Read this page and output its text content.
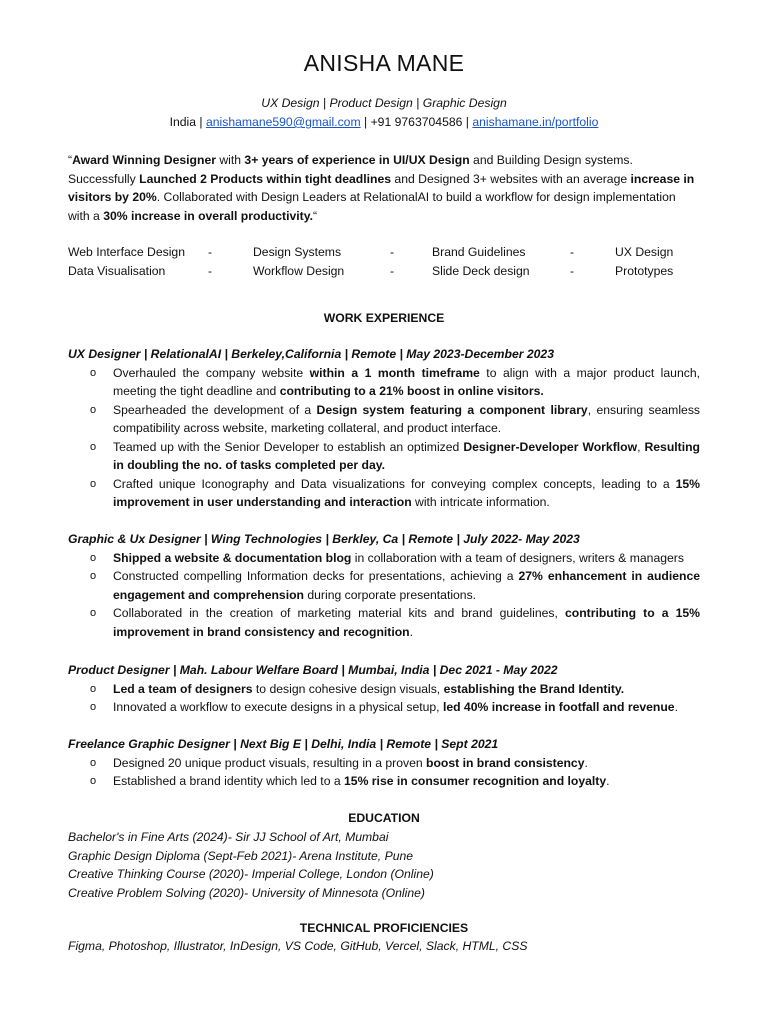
ANISHA MANE
UX Design | Product Design | Graphic Design
India | anishamane590@gmail.com | +91 9763704586 | anishamane.in/portfolio
“Award Winning Designer with 3+ years of experience in UI/UX Design and Building Design systems. Successfully Launched 2 Products within tight deadlines and Designed 3+ websites with an average increase in visitors by 20%. Collaborated with Design Leaders at RelationalAI to build a workflow for design implementation with a 30% increase in overall productivity.“
Web Interface Design -	Design Systems	-	Brand Guidelines	-	UX Design
Data Visualisation	-	Workflow Design	-	Slide Deck design	-	Prototypes
WORK EXPERIENCE
UX Designer | RelationalAI | Berkeley,California | Remote | May 2023-December 2023
o Overhauled the company website within a 1 month timeframe to align with a major product launch, meeting the tight deadline and contributing to a 21% boost in online visitors.
o Spearheaded the development of a Design system featuring a component library, ensuring seamless compatibility across website, marketing collateral, and product interface.
o Teamed up with the Senior Developer to establish an optimized Designer-Developer Workflow, Resulting in doubling the no. of tasks completed per day.
o Crafted unique Iconography and Data visualizations for conveying complex concepts, leading to a 15% improvement in user understanding and interaction with intricate information.
Graphic & Ux Designer | Wing Technologies | Berkley, Ca | Remote | July 2022- May 2023
o Shipped a website & documentation blog in collaboration with a team of designers, writers & managers
o Constructed compelling Information decks for presentations, achieving a 27% enhancement in audience engagement and comprehension during corporate presentations.
o Collaborated in the creation of marketing material kits and brand guidelines, contributing to a 15% improvement in brand consistency and recognition.
Product Designer | Mah. Labour Welfare Board | Mumbai, India | Dec 2021 - May 2022
o Led a team of designers to design cohesive design visuals, establishing the Brand Identity.
o Innovated a workflow to execute designs in a physical setup, led 40% increase in footfall and revenue.
Freelance Graphic Designer | Next Big E | Delhi, India | Remote | Sept 2021
o Designed 20 unique product visuals, resulting in a proven boost in brand consistency.
o Established a brand identity which led to a 15% rise in consumer recognition and loyalty.
EDUCATION
Bachelor's in Fine Arts (2024)- Sir JJ School of Art, Mumbai
Graphic Design Diploma (Sept-Feb 2021)- Arena Institute, Pune
Creative Thinking Course (2020)- Imperial College, London (Online)
Creative Problem Solving (2020)- University of Minnesota (Online)
TECHNICAL PROFICIENCIES
Figma, Photoshop, Illustrator, InDesign, VS Code, GitHub, Vercel, Slack, HTML, CSS
